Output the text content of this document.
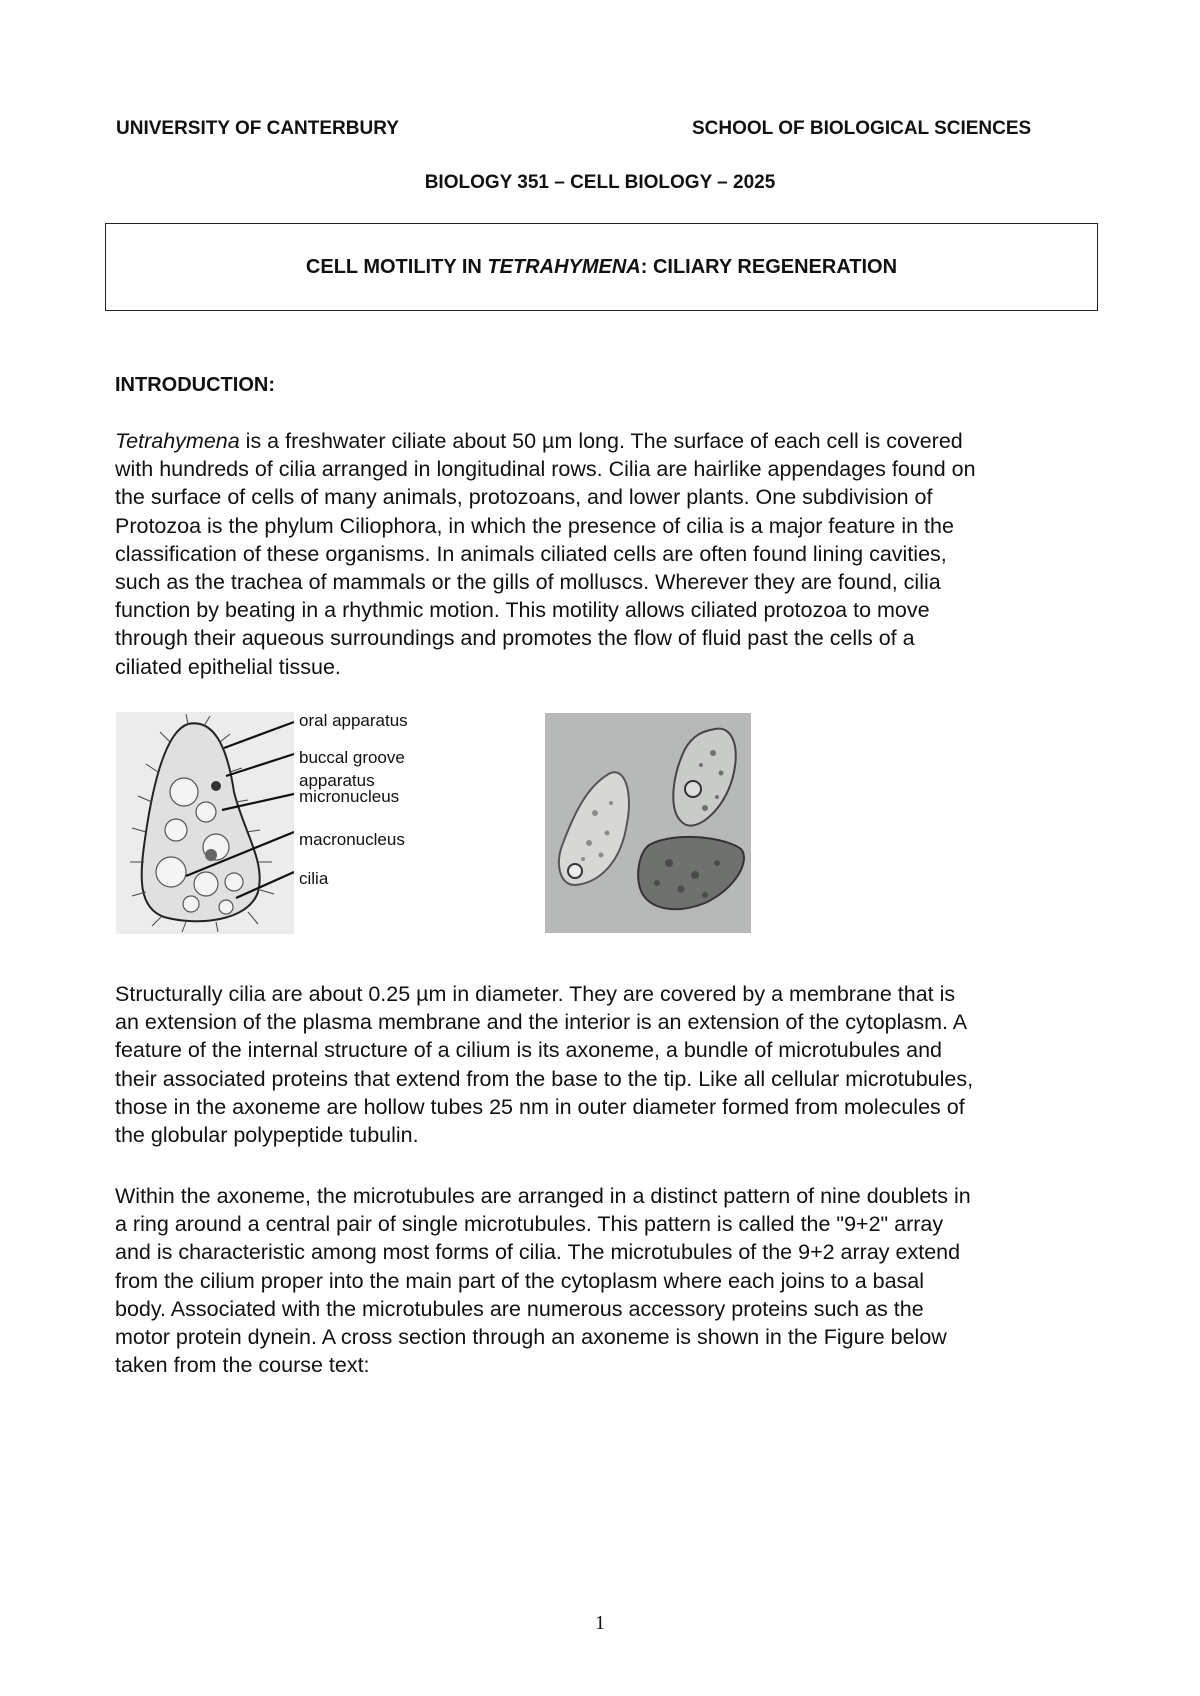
UNIVERSITY OF CANTERBURY	SCHOOL OF BIOLOGICAL SCIENCES
BIOLOGY 351 – CELL BIOLOGY – 2025
CELL MOTILITY IN TETRAHYMENA : CILIARY REGENERATION
INTRODUCTION:
Tetrahymena is a freshwater ciliate about 50 µm long. The surface of each cell is covered
with hundreds of cilia arranged in longitudinal rows. Cilia are hairlike appendages found on
the surface of cells of many animals, protozoans, and lower plants. One subdivision of
Protozoa is the phylum Ciliophora, in which the presence of cilia is a major feature in the
classification of these organisms. In animals ciliated cells are often found lining cavities,
such as the trachea of mammals or the gills of molluscs. Wherever they are found, cilia
function by beating in a rhythmic motion. This motility allows ciliated protozoa to move
through their aqueous surroundings and promotes the flow of fluid past the cells of a
ciliated epithelial tissue.
oral apparatus
buccal groove
apparatus
micronucleus
macronucleus
cilia
Structurally cilia are about 0.25 µm in diameter. They are covered by a membrane that is
an extension of the plasma membrane and the interior is an extension of the cytoplasm. A
feature of the internal structure of a cilium is its axoneme, a bundle of microtubules and
their associated proteins that extend from the base to the tip. Like all cellular microtubules,
those in the axoneme are hollow tubes 25 nm in outer diameter formed from molecules of
the globular polypeptide tubulin.
Within the axoneme, the microtubules are arranged in a distinct pattern of nine doublets in
a ring around a central pair of single microtubules. This pattern is called the "9+2" array
and is characteristic among most forms of cilia. The microtubules of the 9+2 array extend
from the cilium proper into the main part of the cytoplasm where each joins to a basal
body. Associated with the microtubules are numerous accessory proteins such as the
motor protein dynein. A cross section through an axoneme is shown in the Figure below
taken from the course text:
1
